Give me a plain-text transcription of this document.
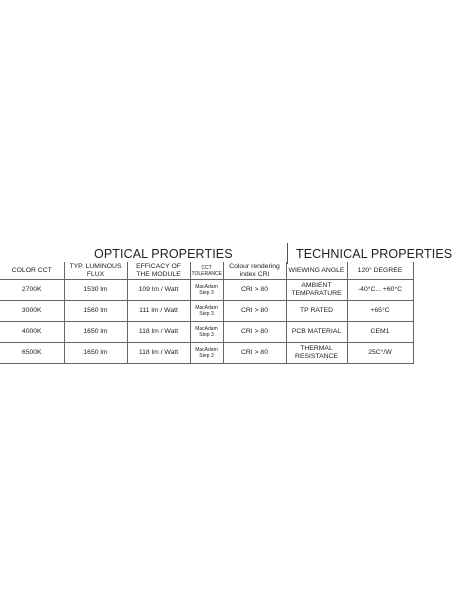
OPTICAL PROPERTIES	TECHNICAL PROPERTIES
COLOR CCT	TYP. LUMINOUS FLUX	EFFICACY OF THE MODULE	CCT TOLERANCE	Colour rendering index CRI	WIEWING ANGLE	120° DEGREE
2700K	1530 lm	109 lm / Watt	MacAdam Step 3	CRI > 80	AMBIENT TEMPARATURE	-40°C... +60°C
3000K	1560 lm	111 lm / Watt	MacAdam Step 3	CRI > 80	TP RATED	+65°C
4000K	1650 lm	118 lm / Watt	MacAdam Step 3	CRI > 80	PCB MATERIAL	CEM1
6500K	1650 lm	118 lm / Watt	MacAdam Step 3	CRI > 80	THERMAL RESISTANCE	25C°/W
